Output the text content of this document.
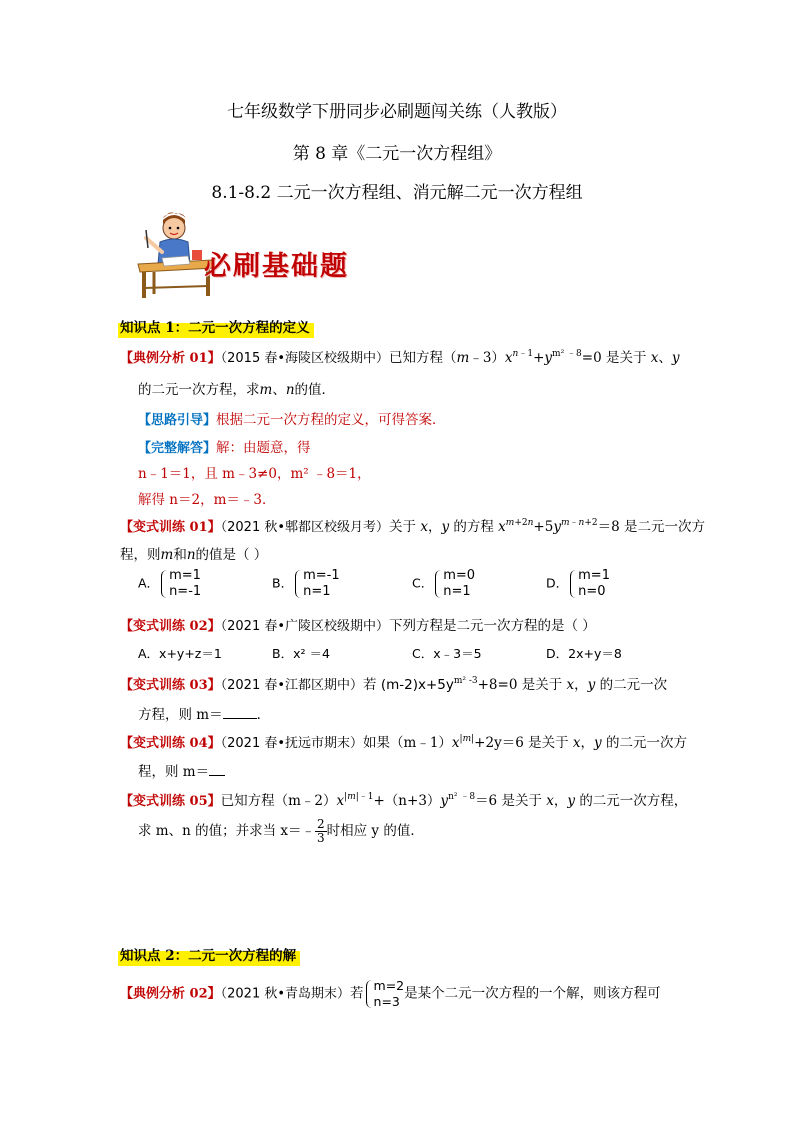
七年级数学下册同步必刷题闯关练（人教版）
第 8 章《二元一次方程组》
8.1-8.2 二元一次方程组、消元解二元一次方程组
必刷基础题
知识点 1：二元一次方程的定义
【典例分析 01】（2015 春•海陵区校级期中）已知方程$(m﹣3)x^{n﹣1}+y^{m^2 ﹣8}=0$ 是关于 x、y
的二元一次方程，求m、n的值．
【思路引导】根据二元一次方程的定义，可得答案．
【完整解答】解：由题意，得
n﹣1＝1，且 m﹣3≠0，m² ﹣8＝1，
解得 n＝2，m＝﹣3．
【变式训练 01】（2021 秋•郫都区校级月考）关于 x，y 的方程 $x^{m+2n}+5y^{m﹣n+2}=8$ 是二元一次方
程，则m和n的值是（ ）
A． m=1
n=-1
B． m=-1
n=1
C． m=0
n=1
D． m=1
n=0
【变式训练 02】（2021 春•广陵区校级期中）下列方程是二元一次方程的是（ ）
A．x+y+z＝1	B．x² ＝4	C．x﹣3＝5	D．2x+y＝8
【变式训练 03】（2021 春•江都区期中）若 $(m-2)x+5y^{m^2 -3}+8=0$ 是关于 x，y 的二元一次
方程，则 m＝	．
【变式训练 04】（2021 春•抚远市期末）如果$(m﹣1)x^{|m|}+2y=6$ 是关于 x，y 的二元一次方
程，则 m＝
【变式训练 05】已知方程$(m﹣2)x^{|m|﹣1}+(n+3)y^{n^2 ﹣8}=6$ 是关于 x，y 的二元一次方程，
求 m、n 的值；并求当 x＝﹣ $\frac{2}{3}$时相应 y 的值．
知识点 2：二元一次方程的解
【典例分析 02】（2021 秋•青岛期末）若 m=2
n=3 是某个二元一次方程的一个解，则该方程可
